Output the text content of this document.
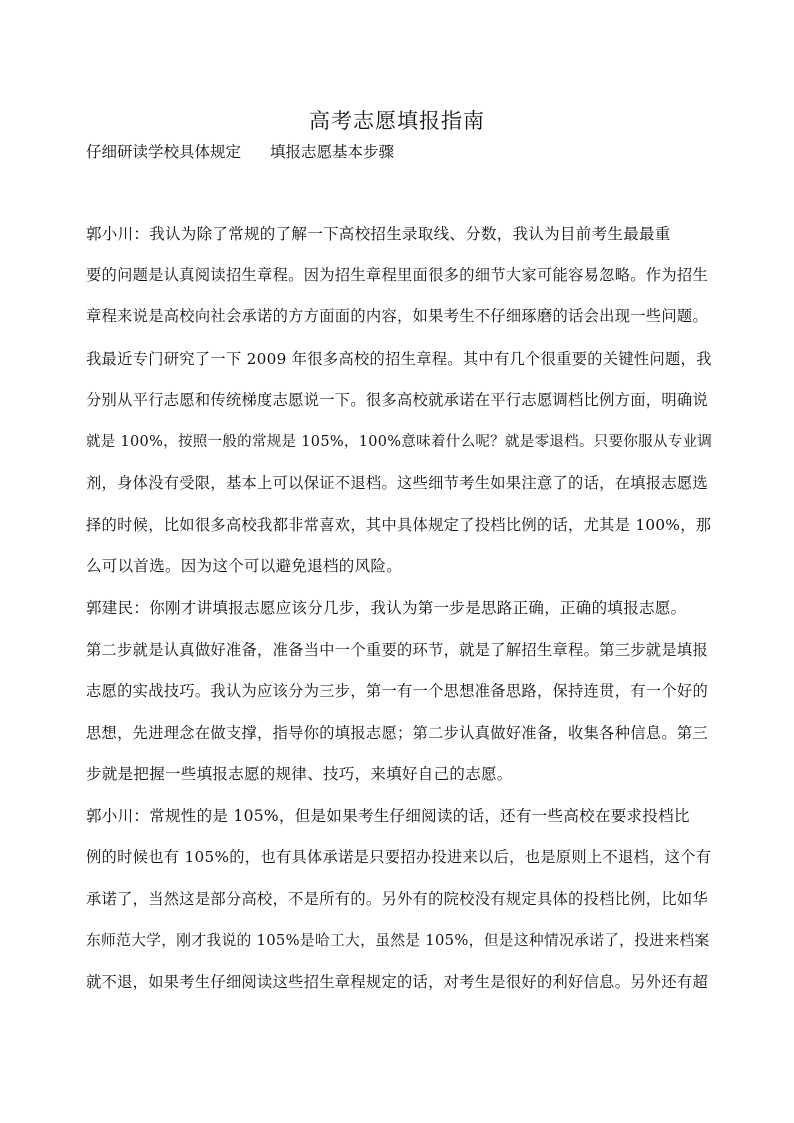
高考志愿填报指南
仔细研读学校具体规定 填报志愿基本步骤
郭小川：我认为除了常规的了解一下高校招生录取线、分数，我认为目前考生最最重
要的问题是认真阅读招生章程。因为招生章程里面很多的细节大家可能容易忽略。作为招生
章程来说是高校向社会承诺的方方面面的内容，如果考生不仔细琢磨的话会出现一些问题。
我最近专门研究了一下 2009 年很多高校的招生章程。其中有几个很重要的关键性问题，我
分别从平行志愿和传统梯度志愿说一下。很多高校就承诺在平行志愿调档比例方面，明确说
就是 100%，按照一般的常规是 105%，100%意味着什么呢？就是零退档。只要你服从专业调
剂，身体没有受限，基本上可以保证不退档。这些细节考生如果注意了的话，在填报志愿选
择的时候，比如很多高校我都非常喜欢，其中具体规定了投档比例的话，尤其是 100%，那
么可以首选。因为这个可以避免退档的风险。
郭建民：你刚才讲填报志愿应该分几步，我认为第一步是思路正确，正确的填报志愿。
第二步就是认真做好准备，准备当中一个重要的环节，就是了解招生章程。第三步就是填报
志愿的实战技巧。我认为应该分为三步，第一有一个思想准备思路，保持连贯，有一个好的
思想，先进理念在做支撑，指导你的填报志愿；第二步认真做好准备，收集各种信息。第三
步就是把握一些填报志愿的规律、技巧，来填好自己的志愿。
郭小川：常规性的是 105%，但是如果考生仔细阅读的话，还有一些高校在要求投档比
例的时候也有 105%的，也有具体承诺是只要招办投进来以后，也是原则上不退档，这个有
承诺了，当然这是部分高校，不是所有的。另外有的院校没有规定具体的投档比例，比如华
东师范大学，刚才我说的 105%是哈工大，虽然是 105%，但是这种情况承诺了，投进来档案
就不退，如果考生仔细阅读这些招生章程规定的话，对考生是很好的利好信息。另外还有超
